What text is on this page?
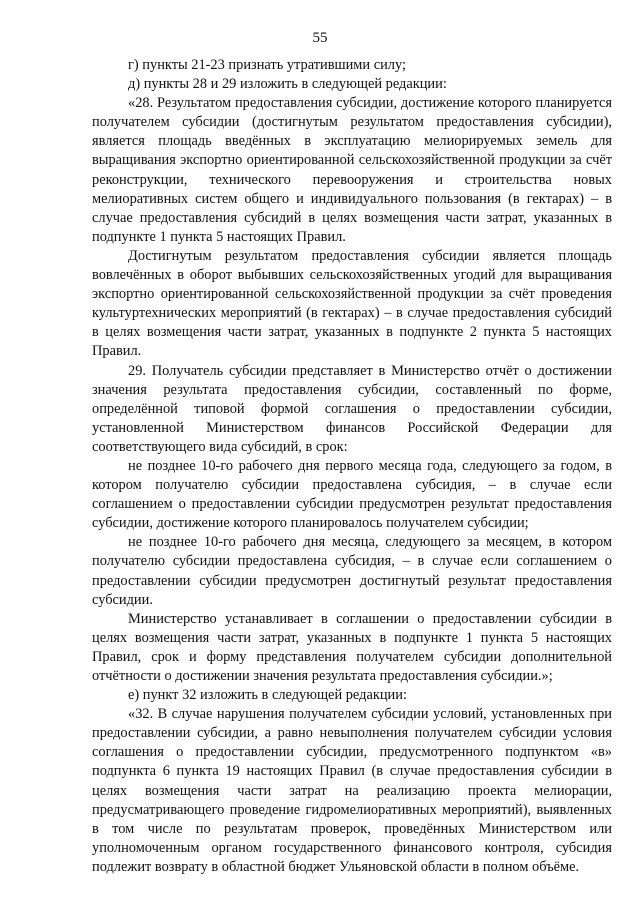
55

г) пункты 21-23 признать утратившими силу;

д) пункты 28 и 29 изложить в следующей редакции:

«28. Результатом предоставления субсидии, достижение которого планируется получателем субсидии (достигнутым результатом предоставления субсидии), является площадь введённых в эксплуатацию мелиорируемых земель для выращивания экспортно ориентированной сельскохозяйственной продукции за счёт реконструкции, технического перевооружения и строительства новых мелиоративных систем общего и индивидуального пользования (в гектарах) – в случае предоставления субсидий в целях возмещения части затрат, указанных в подпункте 1 пункта 5 настоящих Правил.

Достигнутым результатом предоставления субсидии является площадь вовлечённых в оборот выбывших сельскохозяйственных угодий для выращивания экспортно ориентированной сельскохозяйственной продукции за счёт проведения культуртехнических мероприятий (в гектарах) – в случае предоставления субсидий в целях возмещения части затрат, указанных в подпункте 2 пункта 5 настоящих Правил.

29. Получатель субсидии представляет в Министерство отчёт о достижении значения результата предоставления субсидии, составленный по форме, определённой типовой формой соглашения о предоставлении субсидии, установленной Министерством финансов Российской Федерации для соответствующего вида субсидий, в срок:

не позднее 10-го рабочего дня первого месяца года, следующего за годом, в котором получателю субсидии предоставлена субсидия, – в случае если соглашением о предоставлении субсидии предусмотрен результат предоставления субсидии, достижение которого планировалось получателем субсидии;

не позднее 10-го рабочего дня месяца, следующего за месяцем, в котором получателю субсидии предоставлена субсидия, – в случае если соглашением о предоставлении субсидии предусмотрен достигнутый результат предоставления субсидии.

Министерство устанавливает в соглашении о предоставлении субсидии в целях возмещения части затрат, указанных в подпункте 1 пункта 5 настоящих Правил, срок и форму представления получателем субсидии дополнительной отчётности о достижении значения результата предоставления субсидии.»;

е) пункт 32 изложить в следующей редакции:

«32. В случае нарушения получателем субсидии условий, установленных при предоставлении субсидии, а равно невыполнения получателем субсидии условия соглашения о предоставлении субсидии, предусмотренного подпунктом «в» подпункта 6 пункта 19 настоящих Правил (в случае предоставления субсидии в целях возмещения части затрат на реализацию проекта мелиорации, предусматривающего проведение гидромелиоративных мероприятий), выявленных в том числе по результатам проверок, проведённых Министерством или уполномоченным органом государственного финансового контроля, субсидия подлежит возврату в областной бюджет Ульяновской области в полном объёме.
